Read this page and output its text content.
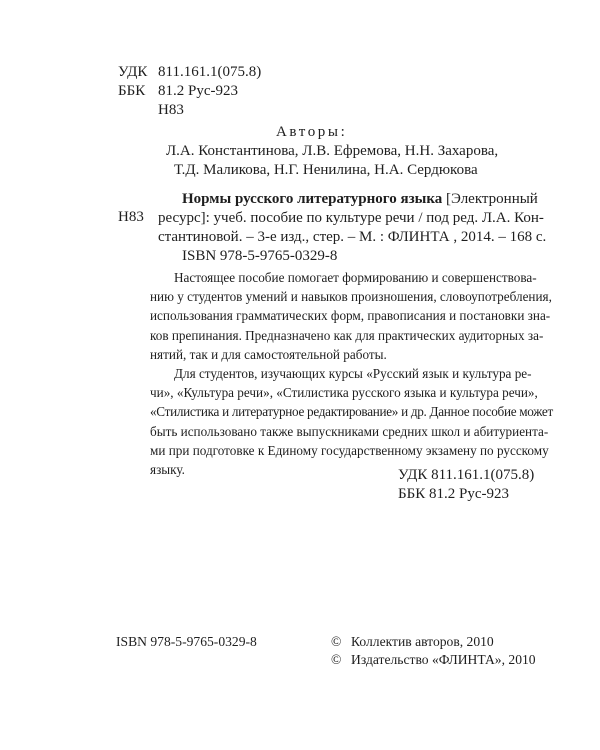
УДК 811.161.1(075.8)
ББК 81.2 Рус-923
Н83
Авторы:
Л.А. Константинова, Л.В. Ефремова, Н.Н. Захарова,
Т.Д. Маликова, Н.Г. Ненилина, Н.А. Сердюкова
Н83
Нормы русского литературного языка [Электронный
ресурс]: учеб. пособие по культуре речи / под ред. Л.А. Кон-
стантиновой. – 3-е изд., стер. – М. : ФЛИНТА , 2014. – 168 с.
ISBN 978-5-9765-0329-8
Настоящее пособие помогает формированию и совершенствова-
нию у студентов умений и навыков произношения, словоупотребления,
использования грамматических форм, правописания и постановки зна-
ков препинания. Предназначено как для практических аудиторных за-
нятий, так и для самостоятельной работы.
Для студентов, изучающих курсы «Русский язык и культура ре-
чи», «Культура речи», «Стилистика русского языка и культура речи»,
«Стилистика и литературное редактирование» и др. Данное пособие может
быть использовано также выпускниками средних школ и абитуриента-
ми при подготовке к Единому государственному экзамену по русскому
языку.	УДК 811.161.1(075.8)
ББК 81.2 Рус-923
ISBN 978-5-9765-0329-8	© Коллектив авторов, 2010
© Издательство «ФЛИНТА», 2010
